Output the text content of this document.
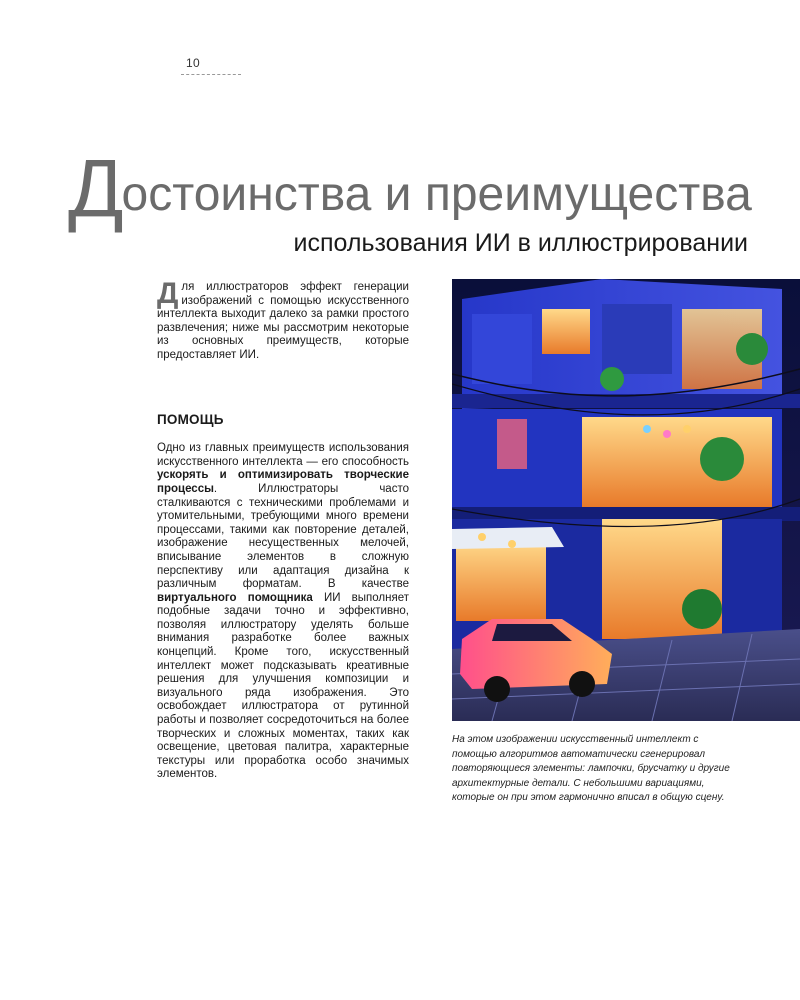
10
Достоинства и преимущества
использования ИИ в иллюстрировании

Для иллюстраторов эффект генерации изображений с помощью искусственного интеллекта выходит далеко за рамки простого развлечения; ниже мы рассмотрим некоторые из основных преимуществ, которые предоставляет ИИ.

ПОМОЩЬ

Одно из главных преимуществ использования искусственного интеллекта — его способность ускорять и оптимизировать творческие процессы. Иллюстраторы часто сталкиваются с техническими проблемами и утомительными, требующими много времени процессами, такими как повторение деталей, изображение несущественных мелочей, вписывание элементов в сложную перспективу или адаптация дизайна к различным форматам. В качестве виртуального помощника ИИ выполняет подобные задачи точно и эффективно, позволяя иллюстратору уделять больше внимания разработке более важных концепций. Кроме того, искусственный интеллект может подсказывать креативные решения для улучшения композиции и визуального ряда изображения. Это освобождает иллюстратора от рутинной работы и позволяет сосредоточиться на более творческих и сложных моментах, таких как освещение, цветовая палитра, характерные текстуры или проработка особо значимых элементов.

На этом изображении искусственный интеллект с помощью алгоритмов автоматически сгенерировал повторяющиеся элементы: лампочки, брусчатку и другие архитектурные детали. С небольшими вариациями, которые он при этом гармонично вписал в общую сцену.
